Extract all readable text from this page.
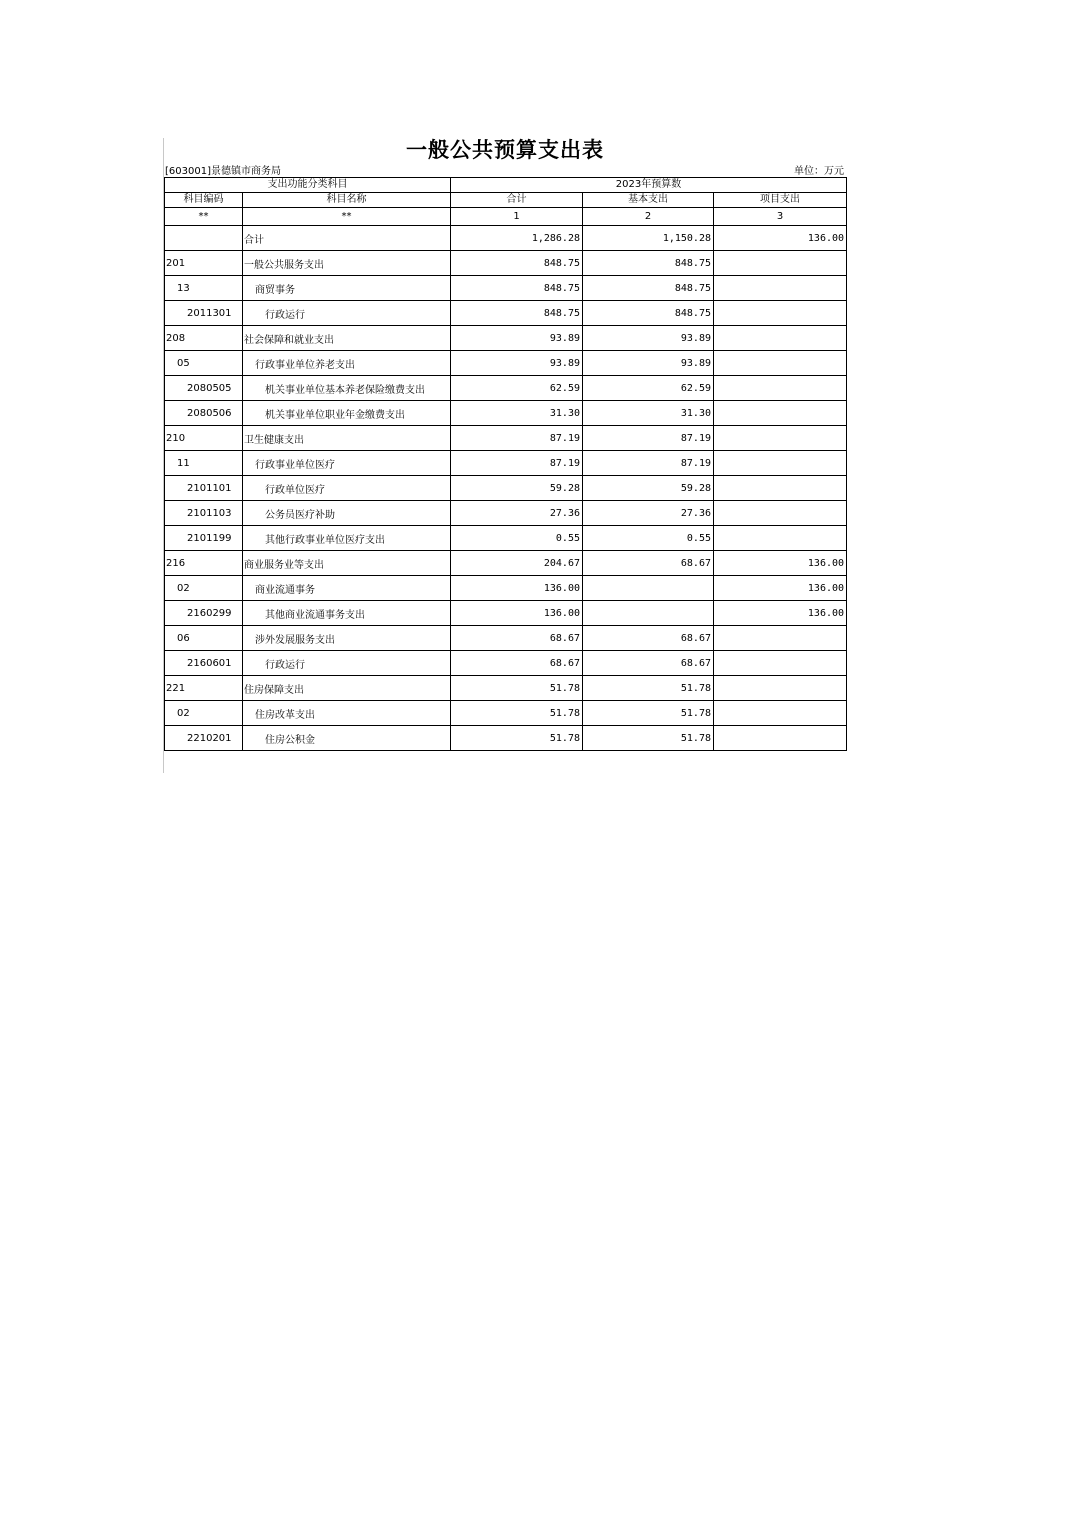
一般公共预算支出表
[603001]景德镇市商务局	单位：万元
支出功能分类科目		2023年预算数		
科目编码	科目名称	合计	基本支出	项目支出
**	**	1	2	3
	合计	1,286.28	1,150.28	136.00
201	一般公共服务支出	848.75	848.75	
13	商贸事务	848.75	848.75	
2011301	行政运行	848.75	848.75	
208	社会保障和就业支出	93.89	93.89	
05	行政事业单位养老支出	93.89	93.89	
2080505	机关事业单位基本养老保险缴费支出	62.59	62.59	
2080506	机关事业单位职业年金缴费支出	31.30	31.30	
210	卫生健康支出	87.19	87.19	
11	行政事业单位医疗	87.19	87.19	
2101101	行政单位医疗	59.28	59.28	
2101103	公务员医疗补助	27.36	27.36	
2101199	其他行政事业单位医疗支出	0.55	0.55	
216	商业服务业等支出	204.67	68.67	136.00
02	商业流通事务	136.00		136.00
2160299	其他商业流通事务支出	136.00		136.00
06	涉外发展服务支出	68.67	68.67	
2160601	行政运行	68.67	68.67	
221	住房保障支出	51.78	51.78	
02	住房改革支出	51.78	51.78	
2210201	住房公积金	51.78	51.78	
